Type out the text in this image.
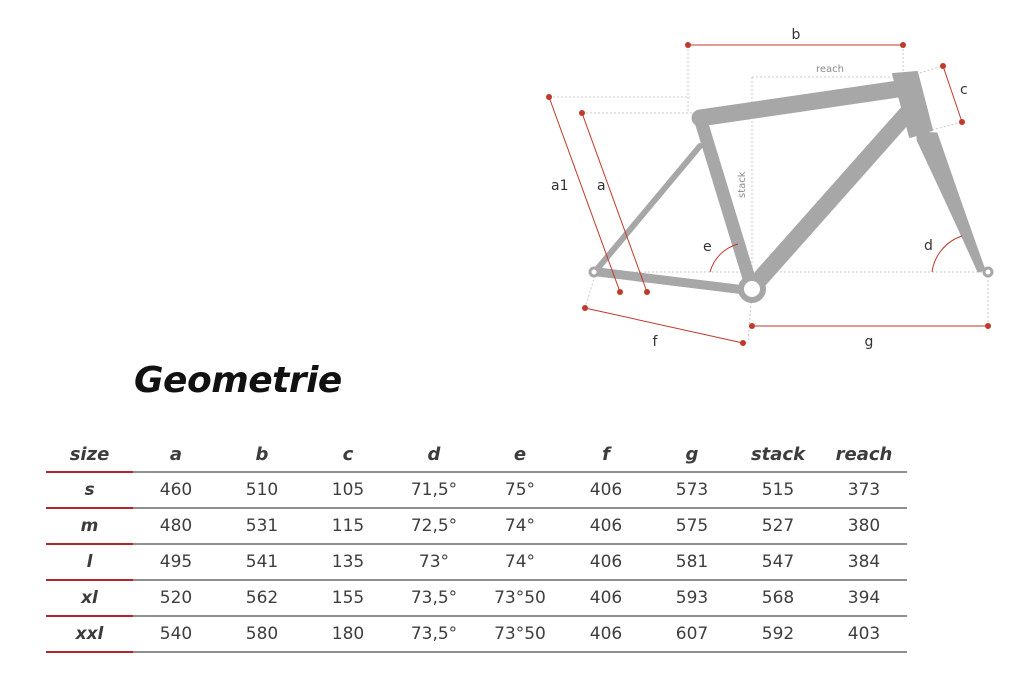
b
reach
c
a1 a	stack
e	d
f	g
Geometrie
size	a	b	c	d	e	f	g	stack	reach
s	460	510	105	71,5°	75°	406	573	515	373
m	480	531	115	72,5°	74°	406	575	527	380
l	495	541	135	73°	74°	406	581	547	384
xl	520	562	155	73,5°	73°50	406	593	568	394
xxl	540	580	180	73,5°	73°50	406	607	592	403
